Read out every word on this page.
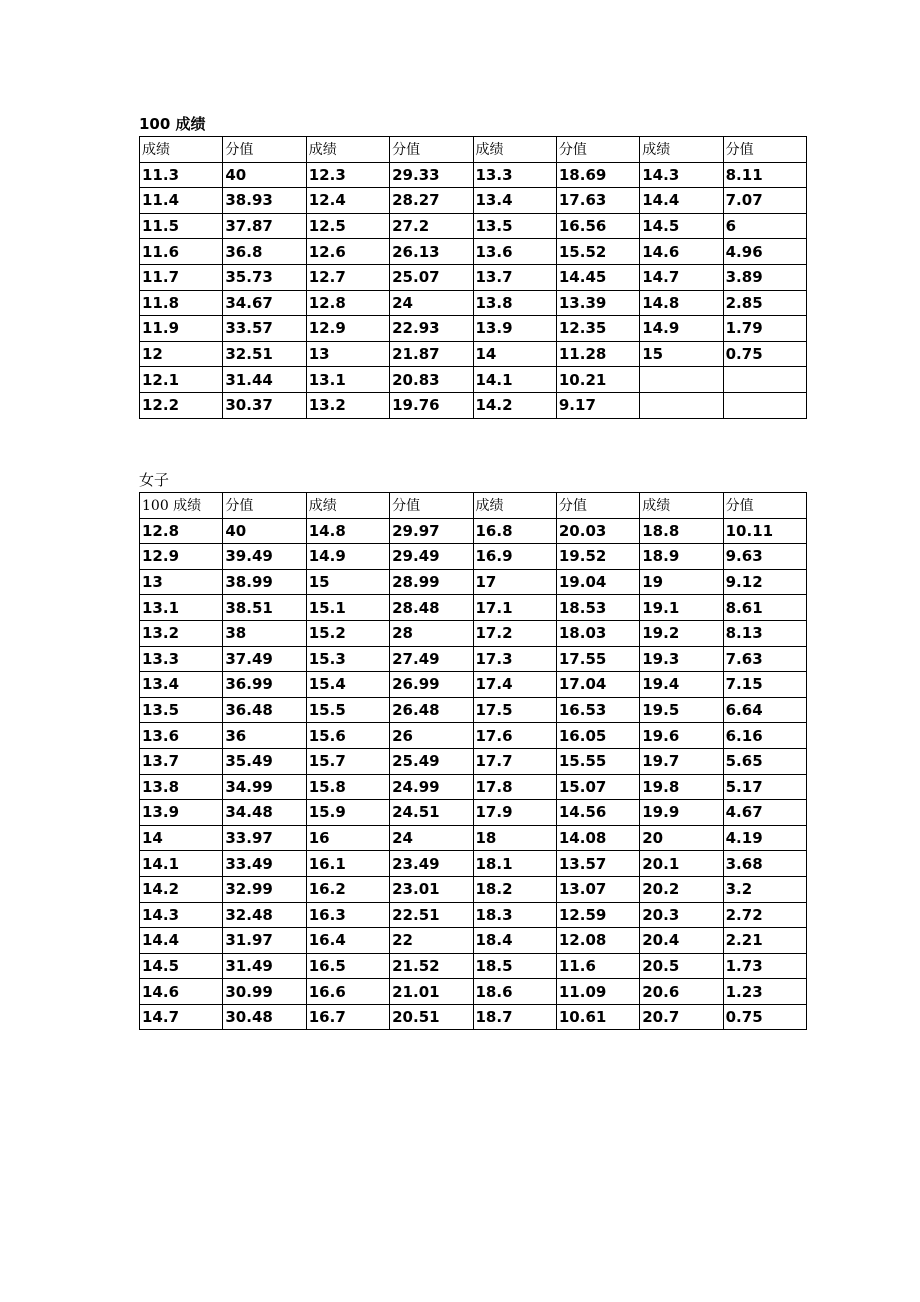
100 成绩
成绩	分值	成绩	分值	成绩	分值	成绩	分值
11.3	40	12.3	29.33	13.3	18.69	14.3	8.11
11.4	38.93	12.4	28.27	13.4	17.63	14.4	7.07
11.5	37.87	12.5	27.2	13.5	16.56	14.5	6
11.6	36.8	12.6	26.13	13.6	15.52	14.6	4.96
11.7	35.73	12.7	25.07	13.7	14.45	14.7	3.89
11.8	34.67	12.8	24	13.8	13.39	14.8	2.85
11.9	33.57	12.9	22.93	13.9	12.35	14.9	1.79
12	32.51	13	21.87	14	11.28	15	0.75
12.1	31.44	13.1	20.83	14.1	10.21		
12.2	30.37	13.2	19.76	14.2	9.17		
女子
100 成绩	分值	成绩	分值	成绩	分值	成绩	分值
12.8	40	14.8	29.97	16.8	20.03	18.8	10.11
12.9	39.49	14.9	29.49	16.9	19.52	18.9	9.63
13	38.99	15	28.99	17	19.04	19	9.12
13.1	38.51	15.1	28.48	17.1	18.53	19.1	8.61
13.2	38	15.2	28	17.2	18.03	19.2	8.13
13.3	37.49	15.3	27.49	17.3	17.55	19.3	7.63
13.4	36.99	15.4	26.99	17.4	17.04	19.4	7.15
13.5	36.48	15.5	26.48	17.5	16.53	19.5	6.64
13.6	36	15.6	26	17.6	16.05	19.6	6.16
13.7	35.49	15.7	25.49	17.7	15.55	19.7	5.65
13.8	34.99	15.8	24.99	17.8	15.07	19.8	5.17
13.9	34.48	15.9	24.51	17.9	14.56	19.9	4.67
14	33.97	16	24	18	14.08	20	4.19
14.1	33.49	16.1	23.49	18.1	13.57	20.1	3.68
14.2	32.99	16.2	23.01	18.2	13.07	20.2	3.2
14.3	32.48	16.3	22.51	18.3	12.59	20.3	2.72
14.4	31.97	16.4	22	18.4	12.08	20.4	2.21
14.5	31.49	16.5	21.52	18.5	11.6	20.5	1.73
14.6	30.99	16.6	21.01	18.6	11.09	20.6	1.23
14.7	30.48	16.7	20.51	18.7	10.61	20.7	0.75
